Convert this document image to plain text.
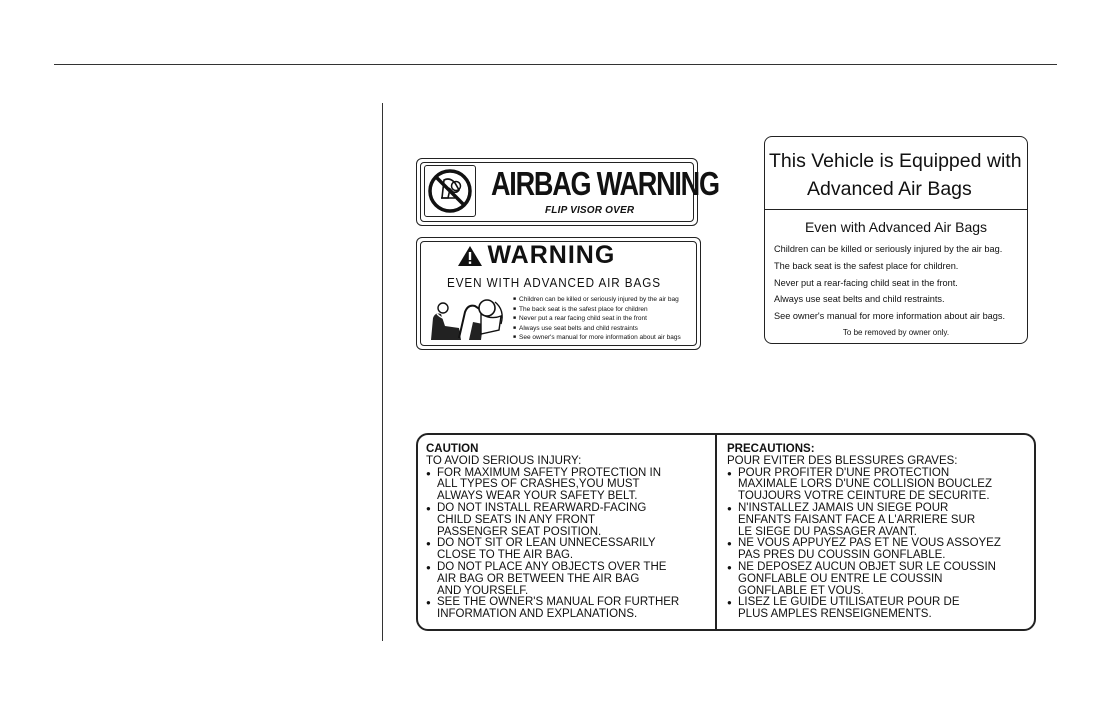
AIRBAG WARNING
FLIP VISOR OVER
WARNING
EVEN WITH ADVANCED AIR BAGS
■ Children can be killed or seriously injured by the air bag
■ The back seat is the safest place for children
■ Never put a rear facing child seat in the front
■ Always use seat belts and child restraints
■ See owner's manual for more information about air bags
This Vehicle is Equipped with
Advanced Air Bags
Even with Advanced Air Bags
Children can be killed or seriously injured by the air bag.
The back seat is the safest place for children.
Never put a rear-facing child seat in the front.
Always use seat belts and child restraints.
See owner's manual for more information about air bags.
To be removed by owner only.
CAUTION
TO AVOID SERIOUS INJURY:
● FOR MAXIMUM SAFETY PROTECTION IN
ALL TYPES OF CRASHES,YOU MUST
ALWAYS WEAR YOUR SAFETY BELT.
● DO NOT INSTALL REARWARD-FACING
CHILD SEATS IN ANY FRONT
PASSENGER SEAT POSITION.
● DO NOT SIT OR LEAN UNNECESSARILY
CLOSE TO THE AIR BAG.
● DO NOT PLACE ANY OBJECTS OVER THE
AIR BAG OR BETWEEN THE AIR BAG
AND YOURSELF.
● SEE THE OWNER'S MANUAL FOR FURTHER
INFORMATION AND EXPLANATIONS.
PRECAUTIONS:
POUR EVITER DES BLESSURES GRAVES:
● POUR PROFITER D'UNE PROTECTION
MAXIMALE LORS D'UNE COLLISION BOUCLEZ
TOUJOURS VOTRE CEINTURE DE SECURITE.
● N'INSTALLEZ JAMAIS UN SIEGE POUR
ENFANTS FAISANT FACE A L'ARRIERE SUR
LE SIEGE DU PASSAGER AVANT.
● NE VOUS APPUYEZ PAS ET NE VOUS ASSOYEZ
PAS PRES DU COUSSIN GONFLABLE.
● NE DEPOSEZ AUCUN OBJET SUR LE COUSSIN
GONFLABLE OU ENTRE LE COUSSIN
GONFLABLE ET VOUS.
● LISEZ LE GUIDE UTILISATEUR POUR DE
PLUS AMPLES RENSEIGNEMENTS.
